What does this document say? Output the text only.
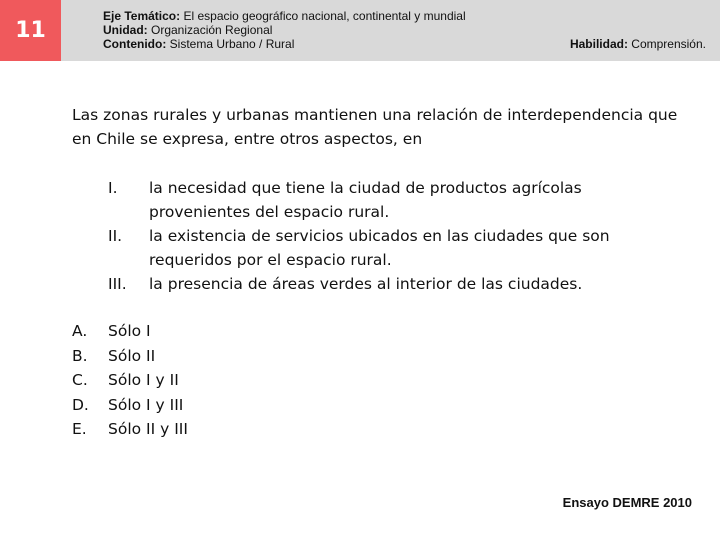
11
Eje Temático: El espacio geográfico nacional, continental y mundial
Unidad: Organización Regional
Contenido: Sistema Urbano / Rural	Habilidad: Comprensión.
Las zonas rurales y urbanas mantienen una relación de interdependencia que en Chile se expresa, entre otros aspectos, en
I.	la necesidad que tiene la ciudad de productos agrícolas provenientes del espacio rural.
II.	la existencia de servicios ubicados en las ciudades que son requeridos por el espacio rural.
III.	la presencia de áreas verdes al interior de las ciudades.
A.	Sólo I
B.	Sólo II
C.	Sólo I y II
D.	Sólo I y III
E.	Sólo II y III
Ensayo DEMRE 2010
